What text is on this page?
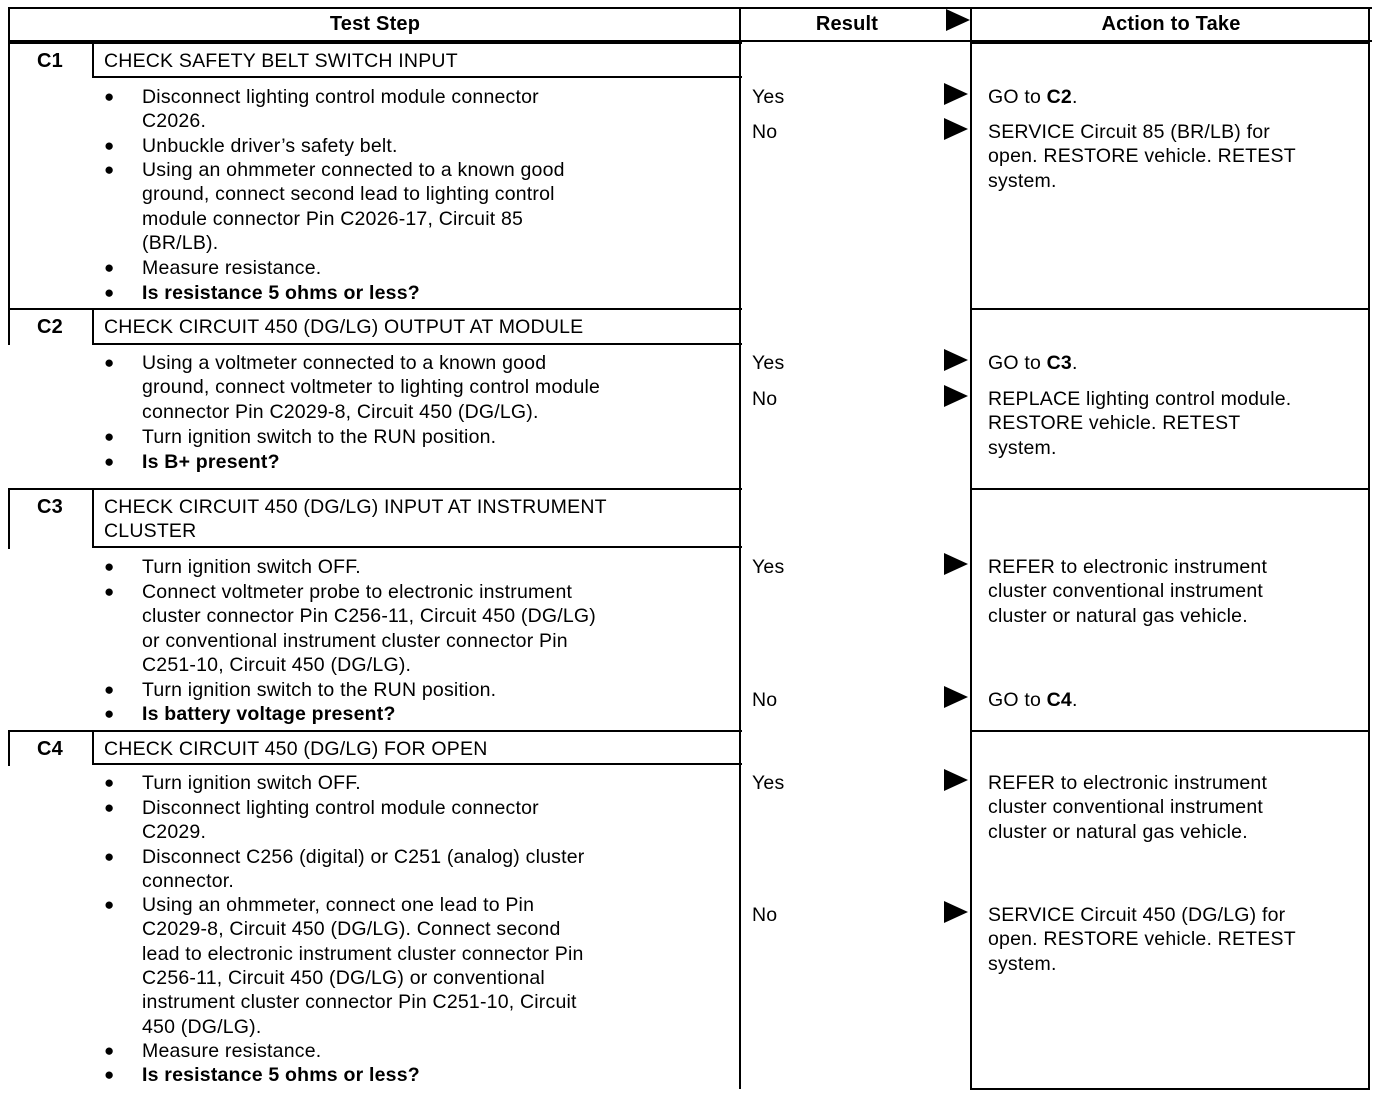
Test Step	Result	Action to Take
C1	CHECK SAFETY BELT SWITCH INPUT
● Disconnect lighting control module connector
C2026.
● Unbuckle driver’s safety belt.
● Using an ohmmeter connected to a known good
ground, connect second lead to lighting control
module connector Pin C2026-17, Circuit 85
(BR/LB).
● Measure resistance.
● Is resistance 5 ohms or less?
Yes	GO to C2.
No	SERVICE Circuit 85 (BR/LB) for
open. RESTORE vehicle. RETEST
system.
C2	CHECK CIRCUIT 450 (DG/LG) OUTPUT AT MODULE
● Using a voltmeter connected to a known good
ground, connect voltmeter to lighting control module
connector Pin C2029-8, Circuit 450 (DG/LG).
● Turn ignition switch to the RUN position.
● Is B+ present?
Yes	GO to C3.
No	REPLACE lighting control module.
RESTORE vehicle. RETEST
system.
C3	CHECK CIRCUIT 450 (DG/LG) INPUT AT INSTRUMENT
CLUSTER
● Turn ignition switch OFF.
● Connect voltmeter probe to electronic instrument
cluster connector Pin C256-11, Circuit 450 (DG/LG)
or conventional instrument cluster connector Pin
C251-10, Circuit 450 (DG/LG).
● Turn ignition switch to the RUN position.
● Is battery voltage present?
Yes	REFER to electronic instrument
cluster conventional instrument
cluster or natural gas vehicle.
No	GO to C4.
C4	CHECK CIRCUIT 450 (DG/LG) FOR OPEN
● Turn ignition switch OFF.
● Disconnect lighting control module connector
C2029.
● Disconnect C256 (digital) or C251 (analog) cluster
connector.
● Using an ohmmeter, connect one lead to Pin
C2029-8, Circuit 450 (DG/LG). Connect second
lead to electronic instrument cluster connector Pin
C256-11, Circuit 450 (DG/LG) or conventional
instrument cluster connector Pin C251-10, Circuit
450 (DG/LG).
● Measure resistance.
● Is resistance 5 ohms or less?
Yes	REFER to electronic instrument
cluster conventional instrument
cluster or natural gas vehicle.
No	SERVICE Circuit 450 (DG/LG) for
open. RESTORE vehicle. RETEST
system.
